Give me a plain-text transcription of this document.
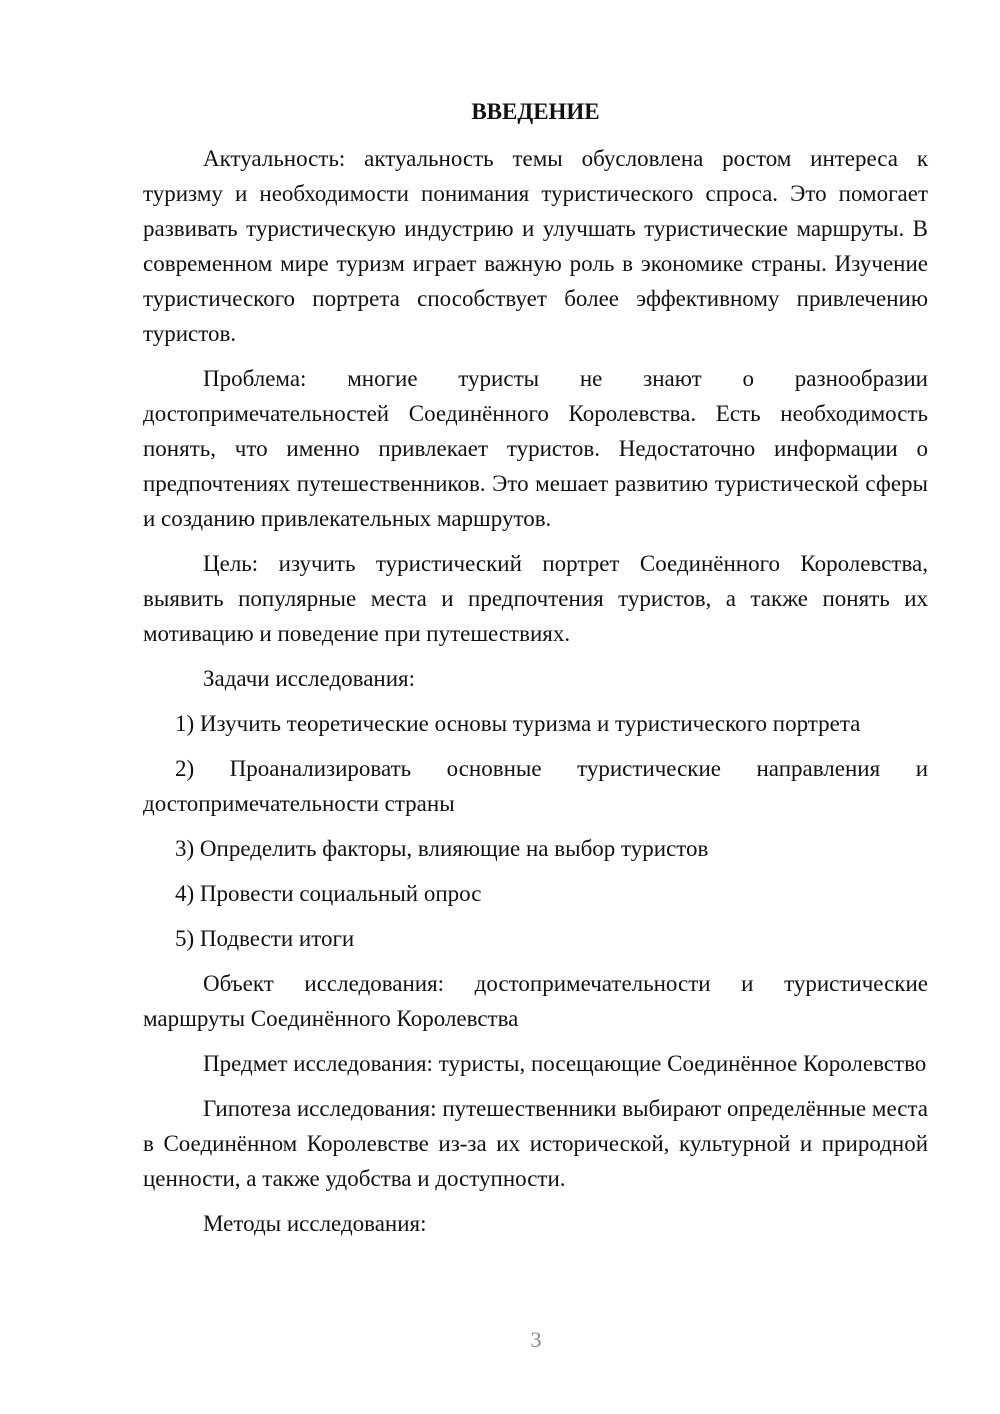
ВВЕДЕНИЕ

Актуальность: актуальность темы обусловлена ростом интереса к туризму и необходимости понимания туристического спроса. Это помогает развивать туристическую индустрию и улучшать туристические маршруты. В современном мире туризм играет важную роль в экономике страны. Изучение туристического портрета способствует более эффективному привлечению туристов.

Проблема: многие туристы не знают о разнообразии достопримечательностей Соединённого Королевства. Есть необходимость понять, что именно привлекает туристов. Недостаточно информации о предпочтениях путешественников. Это мешает развитию туристической сферы и созданию привлекательных маршрутов.

Цель: изучить туристический портрет Соединённого Королевства, выявить популярные места и предпочтения туристов, а также понять их мотивацию и поведение при путешествиях.

Задачи исследования:

1) Изучить теоретические основы туризма и туристического портрета

2) Проанализировать основные туристические направления и достопримечательности страны

3) Определить факторы, влияющие на выбор туристов

4) Провести социальный опрос

5) Подвести итоги

Объект исследования: достопримечательности и туристические маршруты Соединённого Королевства

Предмет исследования: туристы, посещающие Соединённое Королевство

Гипотеза исследования: путешественники выбирают определённые места в Соединённом Королевстве из-за их исторической, культурной и природной ценности, а также удобства и доступности.

Методы исследования:

3
